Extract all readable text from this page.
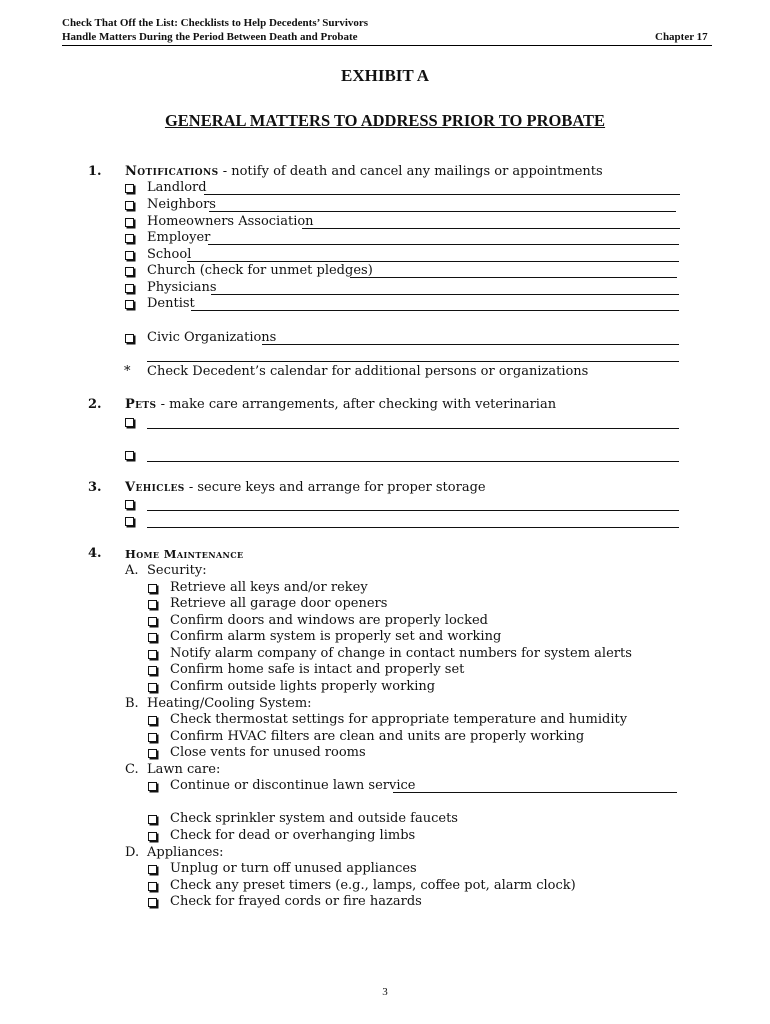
Check That Off the List: Checklists to Help Decedents’ Survivors
Handle Matters During the Period Between Death and Probate	Chapter 17
EXHIBIT A
GENERAL MATTERS TO ADDRESS PRIOR TO PROBATE
1. Notifications - notify of death and cancel any mailings or appointments
Landlord
Neighbors
Homeowners Association
Employer
School
Church (check for unmet pledges)
Physicians
Dentist
Civic Organizations
* Check Decedent’s calendar for additional persons or organizations
2. Pets - make care arrangements, after checking with veterinarian
3. Vehicles - secure keys and arrange for proper storage
4. Home Maintenance
A. Security:
Retrieve all keys and/or rekey
Retrieve all garage door openers
Confirm doors and windows are properly locked
Confirm alarm system is properly set and working
Notify alarm company of change in contact numbers for system alerts
Confirm home safe is intact and properly set
Confirm outside lights properly working
B. Heating/Cooling System:
Check thermostat settings for appropriate temperature and humidity
Confirm HVAC filters are clean and units are properly working
Close vents for unused rooms
C. Lawn care:
Continue or discontinue lawn service
Check sprinkler system and outside faucets
Check for dead or overhanging limbs
D. Appliances:
Unplug or turn off unused appliances
Check any preset timers (e.g., lamps, coffee pot, alarm clock)
Check for frayed cords or fire hazards
3
